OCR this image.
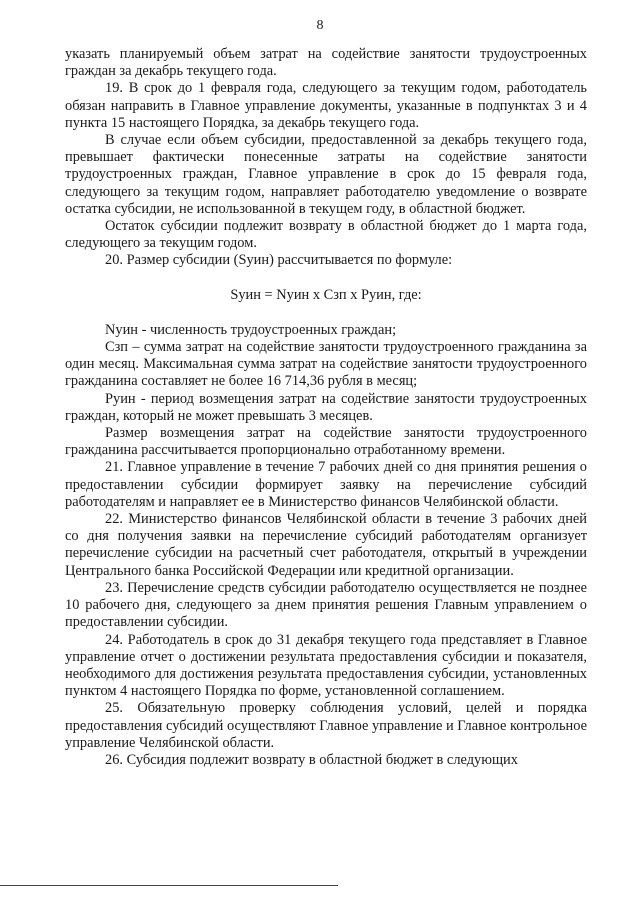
8

указать планируемый объем затрат на содействие занятости трудоустроенных граждан за декабрь текущего года.

19. В срок до 1 февраля года, следующего за текущим годом, работодатель обязан направить в Главное управление документы, указанные в подпунктах 3 и 4 пункта 15 настоящего Порядка, за декабрь текущего года.

В случае если объем субсидии, предоставленной за декабрь текущего года, превышает фактически понесенные затраты на содействие занятости трудоустроенных граждан, Главное управление в срок до 15 февраля года, следующего за текущим годом, направляет работодателю уведомление о возврате остатка субсидии, не использованной в текущем году, в областной бюджет.

Остаток субсидии подлежит возврату в областной бюджет до 1 марта года, следующего за текущим годом.

20. Размер субсидии (Sуин) рассчитывается по формуле:

Sуин = Nуин х Сзп х Руин, где:

Nуин - численность трудоустроенных граждан;

Сзп – сумма затрат на содействие занятости трудоустроенного гражданина за один месяц. Максимальная сумма затрат на содействие занятости трудоустроенного гражданина составляет не более 16 714,36 рубля в месяц;

Руин - период возмещения затрат на содействие занятости трудоустроенных граждан, который не может превышать 3 месяцев.

Размер возмещения затрат на содействие занятости трудоустроенного гражданина рассчитывается пропорционально отработанному времени.

21. Главное управление в течение 7 рабочих дней со дня принятия решения о предоставлении субсидии формирует заявку на перечисление субсидий работодателям и направляет ее в Министерство финансов Челябинской области.

22. Министерство финансов Челябинской области в течение 3 рабочих дней со дня получения заявки на перечисление субсидий работодателям организует перечисление субсидии на расчетный счет работодателя, открытый в учреждении Центрального банка Российской Федерации или кредитной организации.

23. Перечисление средств субсидии работодателю осуществляется не позднее 10 рабочего дня, следующего за днем принятия решения Главным управлением о предоставлении субсидии.

24. Работодатель в срок до 31 декабря текущего года представляет в Главное управление отчет о достижении результата предоставления субсидии и показателя, необходимого для достижения результата предоставления субсидии, установленных пунктом 4 настоящего Порядка по форме, установленной соглашением.

25. Обязательную проверку соблюдения условий, целей и порядка предоставления субсидий осуществляют Главное управление и Главное контрольное управление Челябинской области.

26. Субсидия подлежит возврату в областной бюджет в следующих
